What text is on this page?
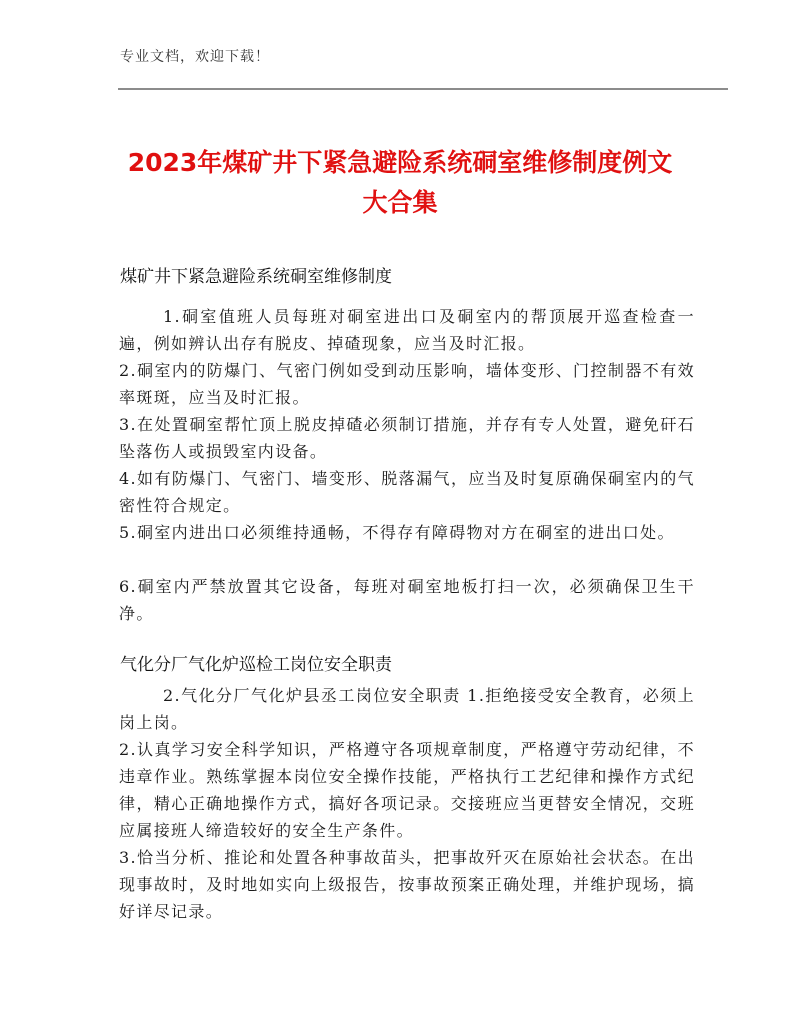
专业文档，欢迎下载！
2023年煤矿井下紧急避险系统硐室维修制度例文
大合集
煤矿井下紧急避险系统硐室维修制度
1.硐室值班人员每班对硐室进出口及硐室内的帮顶展开巡查检查一遍，例如辨认出存有脱皮、掉碴现象，应当及时汇报。
2.硐室内的防爆门、气密门例如受到动压影响，墙体变形、门控制器不有效率斑斑，应当及时汇报。
3.在处置硐室帮忙顶上脱皮掉碴必须制订措施，并存有专人处置，避免矸石坠落伤人或损毁室内设备。
4.如有防爆门、气密门、墙变形、脱落漏气，应当及时复原确保硐室内的气密性符合规定。
5.硐室内进出口必须维持通畅，不得存有障碍物对方在硐室的进出口处。
6.硐室内严禁放置其它设备，每班对硐室地板打扫一次，必须确保卫生干净。
气化分厂气化炉巡检工岗位安全职责
2.气化分厂气化炉县丞工岗位安全职责 1.拒绝接受安全教育，必须上岗上岗。
2.认真学习安全科学知识，严格遵守各项规章制度，严格遵守劳动纪律，不违章作业。熟练掌握本岗位安全操作技能，严格执行工艺纪律和操作方式纪律，精心正确地操作方式，搞好各项记录。交接班应当更替安全情况，交班应属接班人缔造较好的安全生产条件。
3.恰当分析、推论和处置各种事故苗头，把事故歼灭在原始社会状态。在出现事故时，及时地如实向上级报告，按事故预案正确处理，并维护现场，搞好详尽记录。
